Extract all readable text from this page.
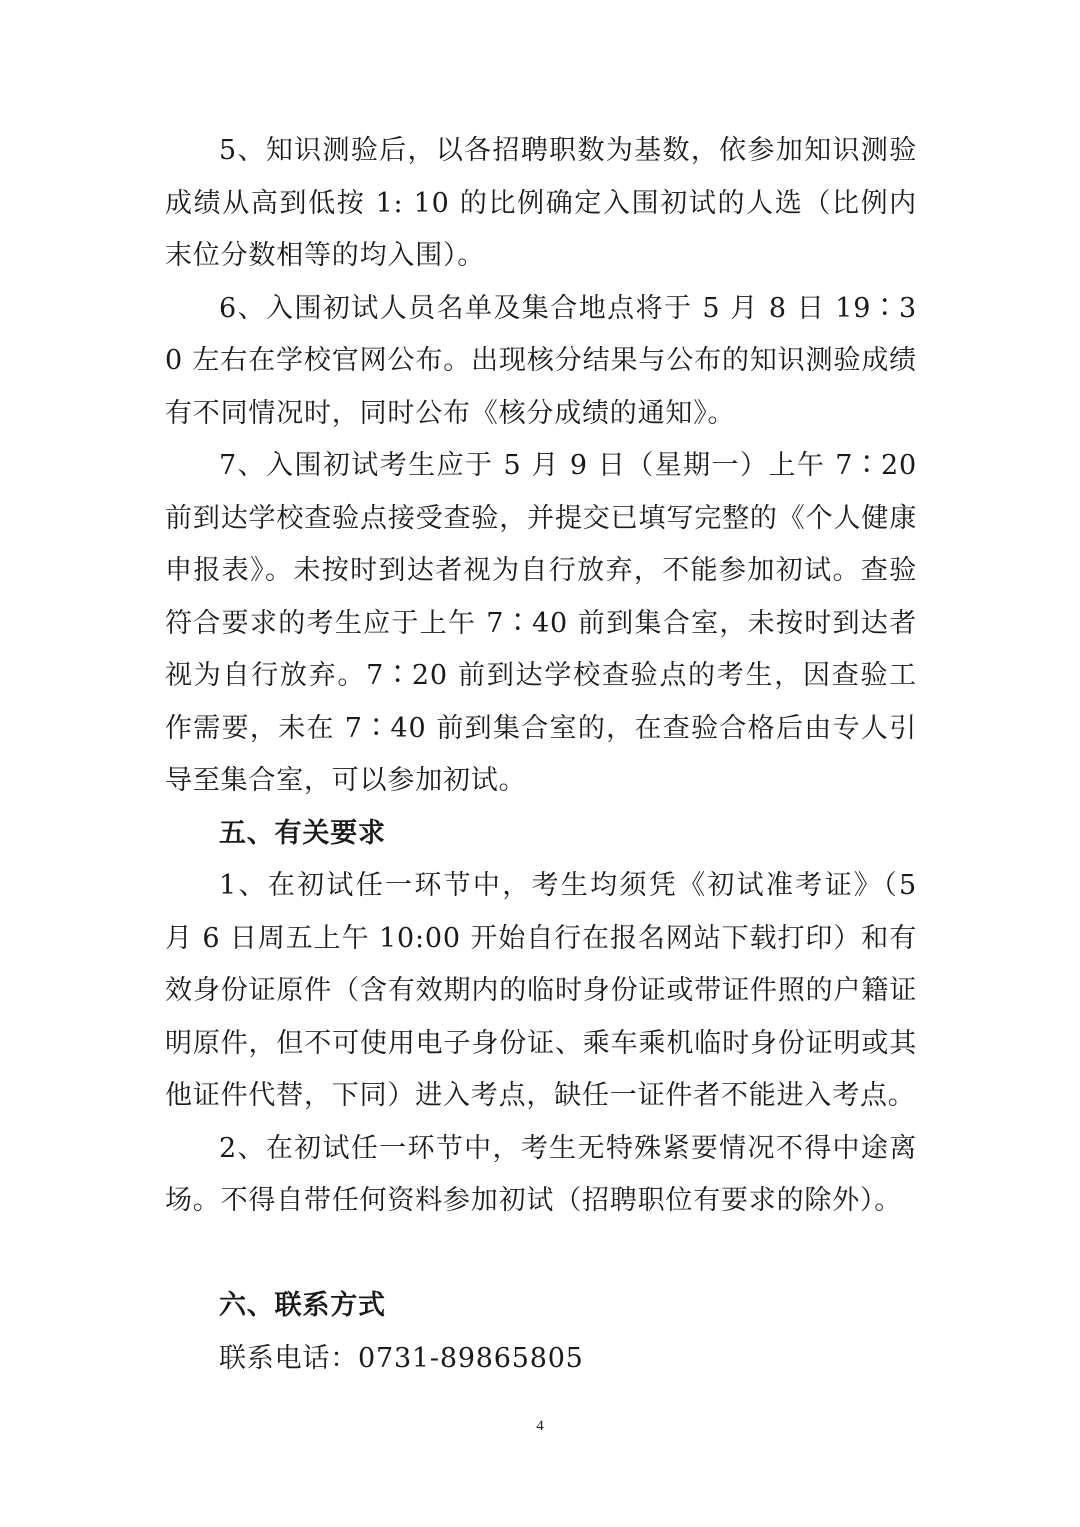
5、知识测验后，以各招聘职数为基数，依参加知识测验成绩从高到低按 1: 10 的比例确定入围初试的人选（比例内末位分数相等的均入围）。

6、入围初试人员名单及集合地点将于 5 月 8 日 19∶30 左右在学校官网公布。出现核分结果与公布的知识测验成绩有不同情况时，同时公布《核分成绩的通知》。

7、入围初试考生应于 5 月 9 日（星期一）上午 7∶20 前到达学校查验点接受查验，并提交已填写完整的《个人健康申报表》。未按时到达者视为自行放弃，不能参加初试。查验符合要求的考生应于上午 7∶40 前到集合室，未按时到达者视为自行放弃。7∶20 前到达学校查验点的考生，因查验工作需要，未在 7∶40 前到集合室的，在查验合格后由专人引导至集合室，可以参加初试。

五、有关要求

1、在初试任一环节中，考生均须凭《初试准考证》（5 月 6 日周五上午 10:00 开始自行在报名网站下载打印）和有效身份证原件（含有效期内的临时身份证或带证件照的户籍证明原件，但不可使用电子身份证、乘车乘机临时身份证明或其他证件代替，下同）进入考点，缺任一证件者不能进入考点。

2、在初试任一环节中，考生无特殊紧要情况不得中途离场。不得自带任何资料参加初试（招聘职位有要求的除外）。

六、联系方式

联系电话：0731-89865805

4
